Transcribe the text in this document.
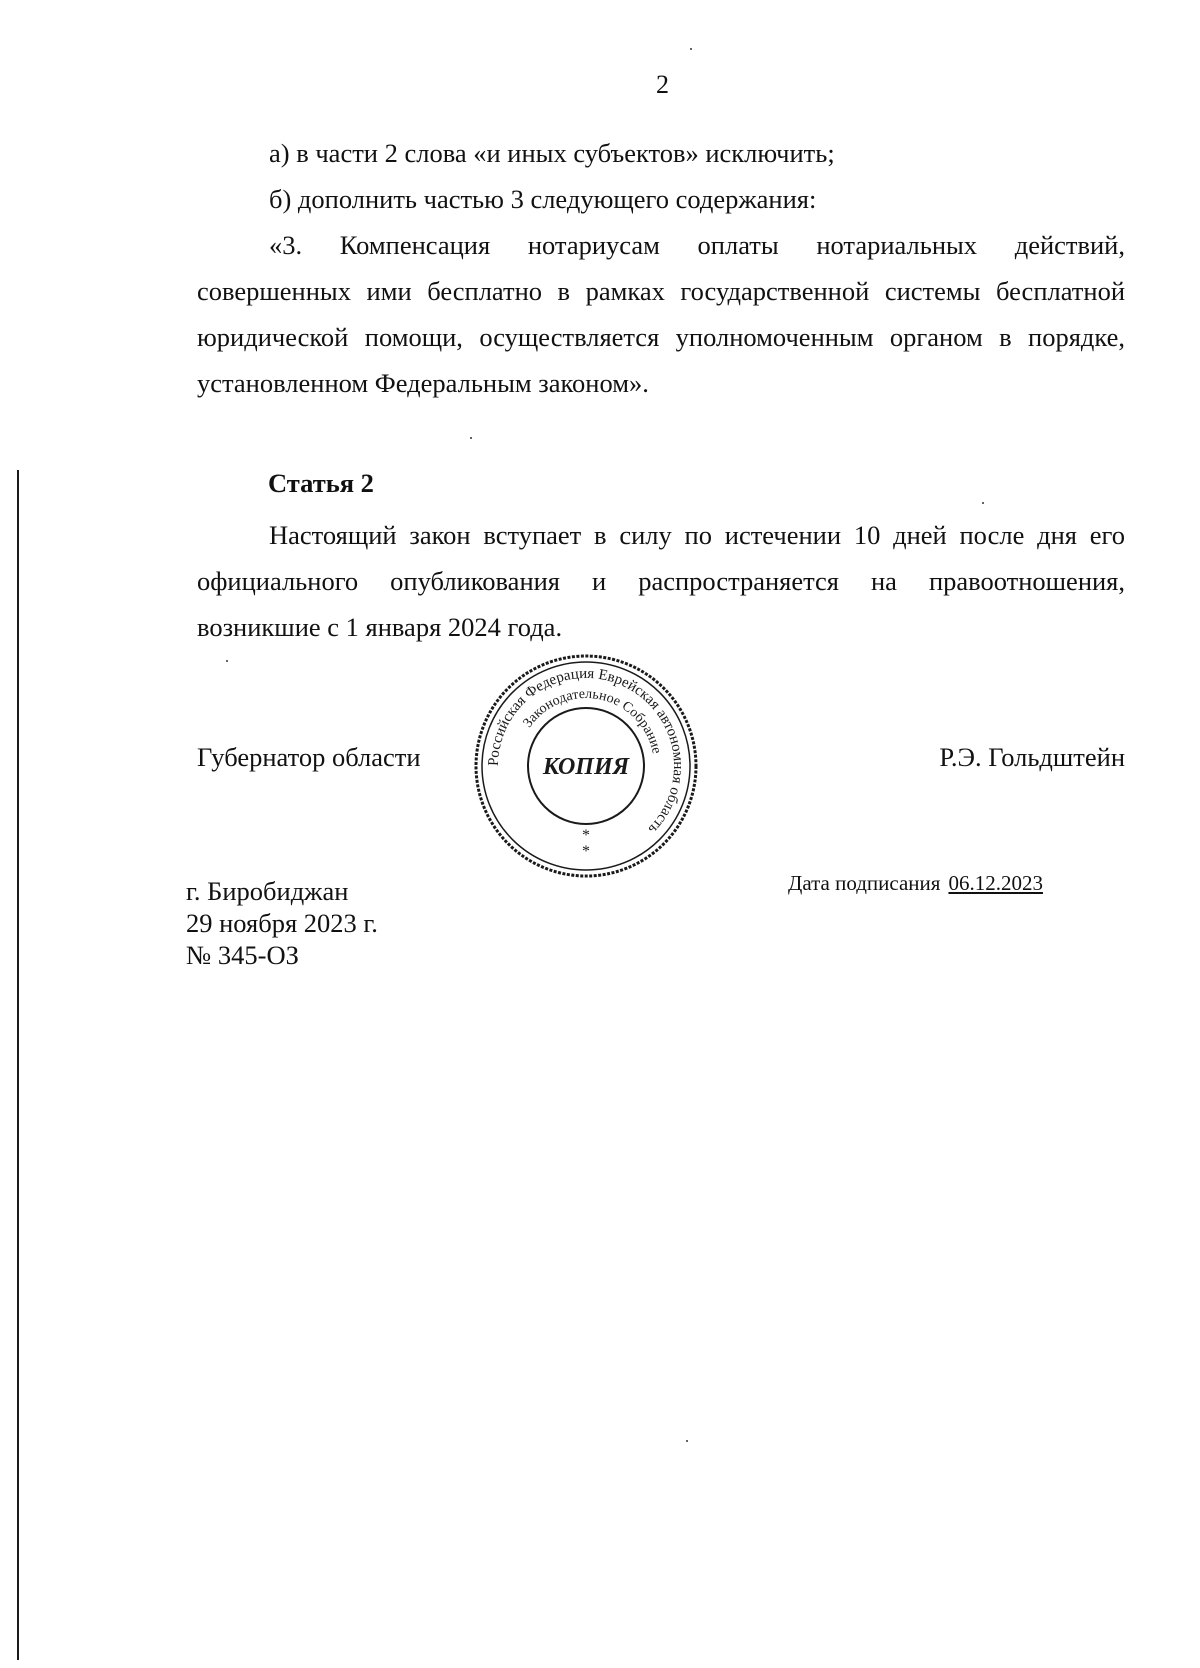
2
а) в части 2 слова «и иных субъектов» исключить;
б) дополнить частью 3 следующего содержания:
«3. Компенсация нотариусам оплаты нотариальных действий,
совершенных ими бесплатно в рамках государственной системы бесплатной
юридической помощи, осуществляется уполномоченным органом в порядке,
установленном Федеральным законом».
Статья 2
Настоящий закон вступает в силу по истечении 10 дней после дня его
официального опубликования и распространяется на правоотношения,
возникшие с 1 января 2024 года.
Губернатор области	Р.Э. Гольдштейн
Российская Федерация Еврейская автономная область
Законодательное Собрание
КОПИЯ
*
*
г. Биробиджан
29 ноября 2023 г.
№ 345-ОЗ
Дата подписания 06.12.2023
